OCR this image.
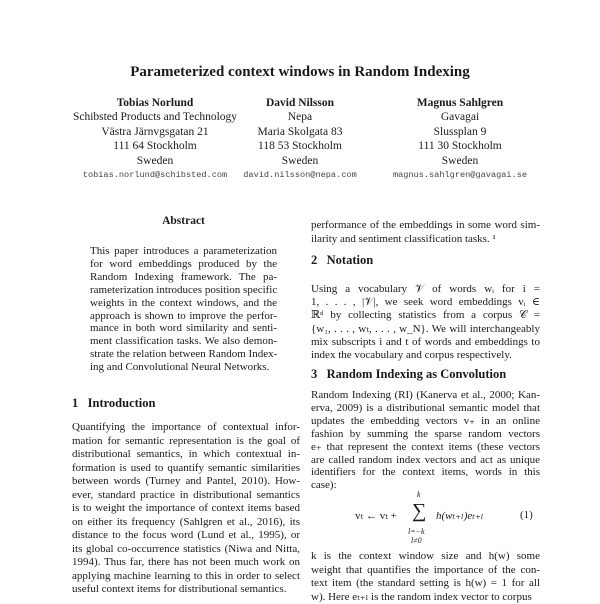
Parameterized context windows in Random Indexing
Tobias Norlund
Schibsted Products and Technology
Västra Järnvgsgatan 21
111 64 Stockholm
Sweden
tobias.norlund@schibsted.com
David Nilsson
Nepa
Maria Skolgata 83
118 53 Stockholm
Sweden
david.nilsson@nepa.com
Magnus Sahlgren
Gavagai
Slussplan 9
111 30 Stockholm
Sweden
magnus.sahlgren@gavagai.se
Abstract
This paper introduces a parameterization
for word embeddings produced by the
Random Indexing framework. The pa-
rameterization introduces position specific
weights in the context windows, and the
approach is shown to improve the perfor-
mance in both word similarity and senti-
ment classification tasks. We also demon-
strate the relation between Random Index-
ing and Convolutional Neural Networks.
1   Introduction
Quantifying the importance of contextual infor-
mation for semantic representation is the goal of
distributional semantics, in which contextual in-
formation is used to quantify semantic similarities
between words (Turney and Pantel, 2010). How-
ever, standard practice in distributional semantics
is to weight the importance of context items based
on either its frequency (Sahlgren et al., 2016), its
distance to the focus word (Lund et al., 1995), or
its global co-occurrence statistics (Niwa and Nitta,
1994). Thus far, there has not been much work on
applying machine learning to this in order to select
useful context items for distributional semantics.
performance of the embeddings in some word sim-
ilarity and sentiment classification tasks. ¹
2   Notation
Using a vocabulary 𝒱 of words wᵢ for i =
1, . . . , |𝒱|, we seek word embeddings vᵢ ∈
ℝᵈ by collecting statistics from a corpus 𝒞 =
{w₁, . . . , wₜ, . . . , w_N}. We will interchangeably
mix subscripts i and t of words and embeddings to
index the vocabulary and corpus respectively.
3   Random Indexing as Convolution
Random Indexing (RI) (Kanerva et al., 2000; Kan-
erva, 2009) is a distributional semantic model that
updates the embedding vectors v₊ in an online
fashion by summing the sparse random vectors
e₊ that represent the context items (these vectors
are called random index vectors and act as unique
identifiers for the context items, words in this
case):
vₜ ← vₜ + ∑
k
l=−k
l≠0
h(wₜ₊ₗ)eₜ₊ₗ	(1)
k is the context window size and h(w) some
weight that quantifies the importance of the con-
text item (the standard setting is h(w) = 1 for all
w). Here eₜ₊ₗ is the random index vector to corpus
